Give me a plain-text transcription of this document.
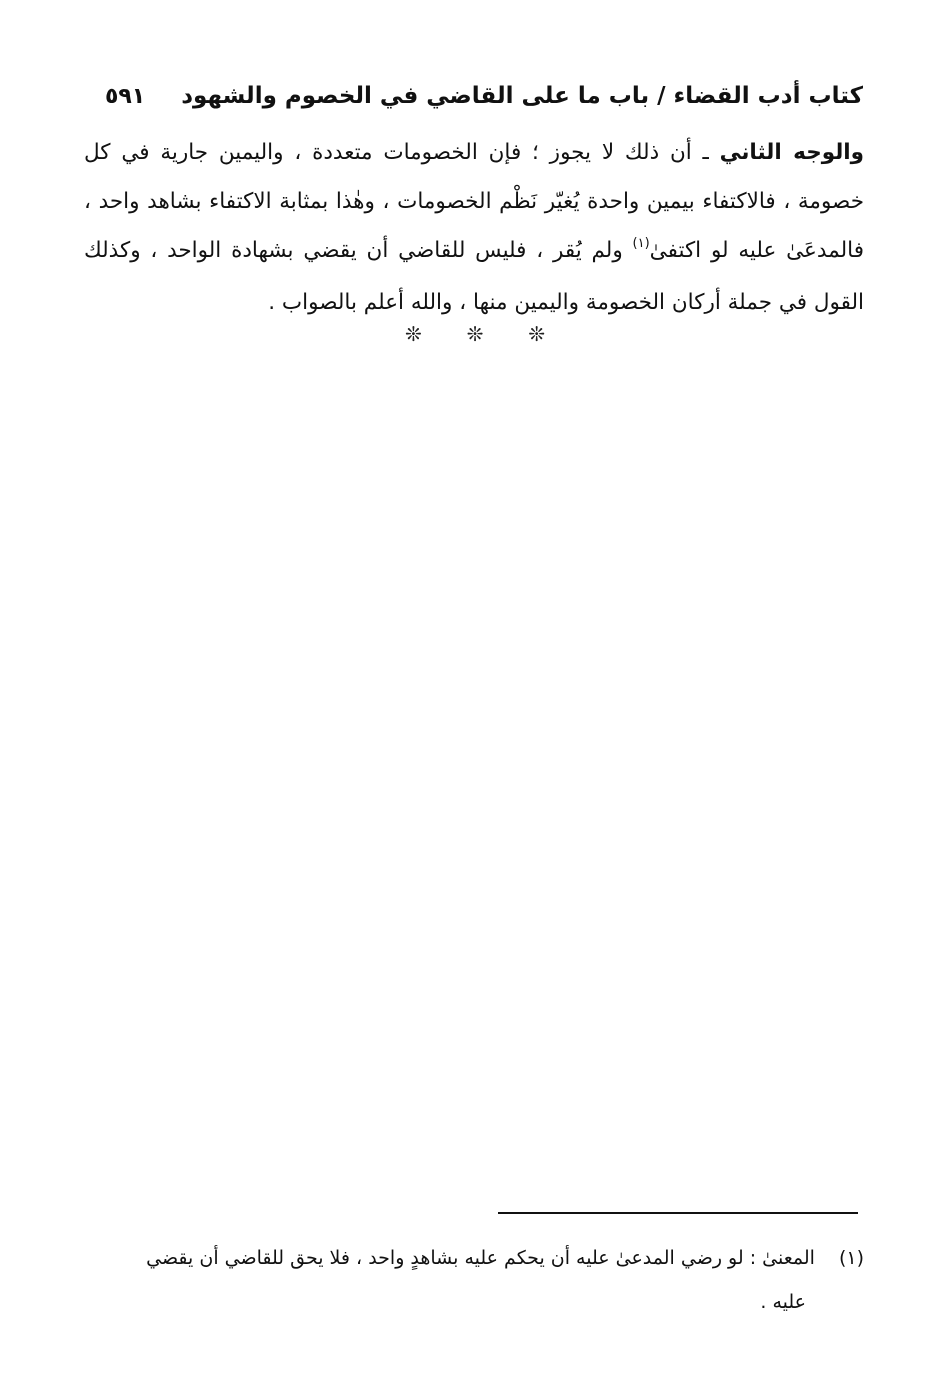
كتاب أدب القضاء / باب ما على القاضي في الخصوم والشهود
٥٩١

والوجه الثاني ـ أن ذلك لا يجوز ؛ فإن الخصومات متعددة ، واليمين جارية في كل خصومة ، فالاكتفاء بيمين واحدة يُغيّر نَظْم الخصومات ، وهٰذا بمثابة الاكتفاء بشاهد واحد ، فالمدعَىٰ عليه لو اكتفىٰ$^{(١)}$ ولم يُقر ، فليس للقاضي أن يقضي بشهادة الواحد ، وكذلك القول في جملة أركان الخصومة واليمين منها ، والله أعلم بالصواب .

❊
❊
❊
(١)المعنىٰ : لو رضي المدعىٰ عليه أن يحكم عليه بشاهدٍ واحد ، فلا يحق للقاضي أن يقضي
عليه .
